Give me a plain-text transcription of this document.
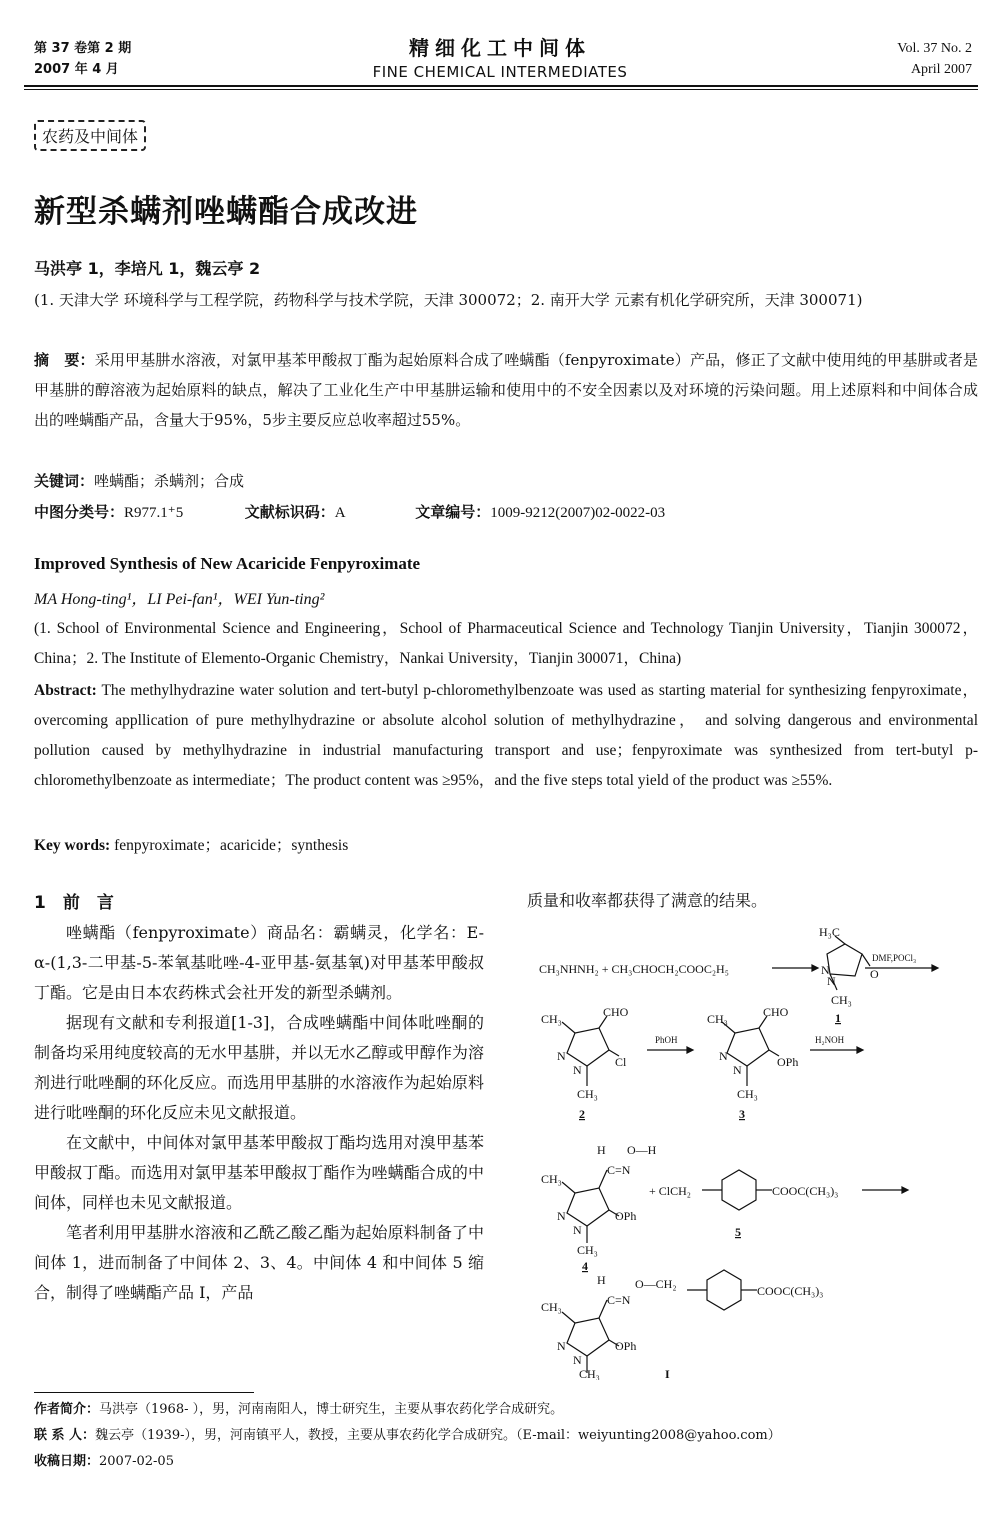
第 37 卷第 2 期
2007 年 4 月
精细化工中间体
FINE CHEMICAL INTERMEDIATES
Vol. 37 No. 2
April 2007
农药及中间体
新型杀螨剂唑螨酯合成改进
马洪亭 1，李培凡 1，魏云亭 2
(1. 天津大学 环境科学与工程学院，药物科学与技术学院，天津 300072；2. 南开大学 元素有机化学研究所，天津 300071)
摘　要：采用甲基肼水溶液，对氯甲基苯甲酸叔丁酯为起始原料合成了唑螨酯（fenpyroximate）产品，修正了文献中使用纯的甲基肼或者是甲基肼的醇溶液为起始原料的缺点，解决了工业化生产中甲基肼运输和使用中的不安全因素以及对环境的污染问题。用上述原料和中间体合成出的唑螨酯产品，含量大于95%，5步主要反应总收率超过55%。
关键词：唑螨酯；杀螨剂；合成
中图分类号：R977.1⁺5	文献标识码：A	文章编号：1009-9212(2007)02-0022-03
Improved Synthesis of New Acaricide Fenpyroximate
MA Hong-ting¹，LI Pei-fan¹，WEI Yun-ting²
(1. School of Environmental Science and Engineering，School of Pharmaceutical Science and Technology Tianjin University，Tianjin 300072，China；2. The Institute of Elemento-Organic Chemistry，Nankai University，Tianjin 300071，China)
Abstract: The methylhydrazine water solution and tert-butyl p-chloromethylbenzoate was used as starting material for synthesizing fenpyroximate， overcoming appllication of pure methylhydrazine or absolute alcohol solution of methylhydrazine， and solving dangerous and environmental pollution caused by methylhydrazine in industrial manufacturing transport and use；fenpyroximate was synthesized from tert-butyl p-chloromethylbenzoate as intermediate；The product content was ≥95%，and the five steps total yield of the product was ≥55%.
Key words: fenpyroximate；acaricide；synthesis
1　前　言
唑螨酯（fenpyroximate）商品名：霸螨灵，化学名：E-α-(1,3-二甲基-5-苯氧基吡唑-4-亚甲基-氨基氧)对甲基苯甲酸叔丁酯。它是由日本农药株式会社开发的新型杀螨剂。
据现有文献和专利报道[1-3]，合成唑螨酯中间体吡唑酮的制备均采用纯度较高的无水甲基肼，并以无水乙醇或甲醇作为溶剂进行吡唑酮的环化反应。而选用甲基肼的水溶液作为起始原料进行吡唑酮的环化反应未见文献报道。
在文献中，中间体对氯甲基苯甲酸叔丁酯均选用对溴甲基苯甲酸叔丁酯。而选用对氯甲基苯甲酸叔丁酯作为唑螨酯合成的中间体，同样也未见文献报道。
笔者利用甲基肼水溶液和乙酰乙酸乙酯为起始原料制备了中间体 1，进而制备了中间体 2、3、4。中间体 4 和中间体 5 缩合，制得了唑螨酯产品 I，产品
质量和收率都获得了满意的结果。
CH₃NHNH₂ + CH₃CHOCH₂COOC₂H₅
H₃C
N
N	O
CH₃
1
DMF,POCl₃
CH₃	CHO
N
N
Cl
CH₃
2
PhOH
CH₃	CHO
N
N
OPh
CH₃
3
H₂NOH
H O—H
C=N
CH₃
N
N
OPh
CH₃
4
+ ClCH₂	COOC(CH₃)₃
5
H O—CH₂
C=N
CH₃
N
N
OPh
CH₃
COOC(CH₃)₃
I
作者简介：马洪亭（1968- ），男，河南南阳人，博士研究生，主要从事农药化学合成研究。
联 系 人：魏云亭（1939-），男，河南镇平人，教授，主要从事农药化学合成研究。（E-mail：weiyunting2008@yahoo.com）
收稿日期：2007-02-05
